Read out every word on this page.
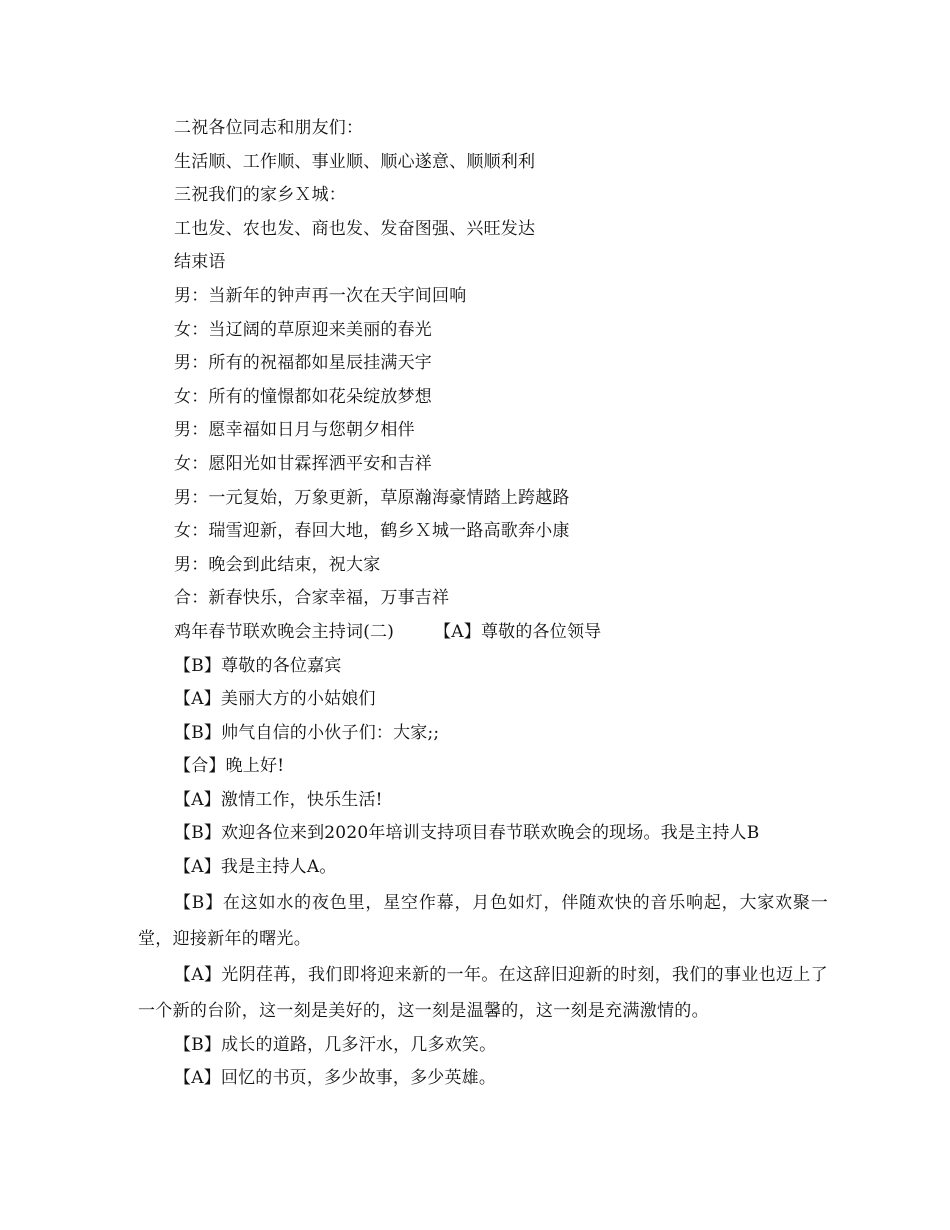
二祝各位同志和朋友们：
生活顺、工作顺、事业顺、顺心遂意、顺顺利利
三祝我们的家乡Ｘ城：
工也发、农也发、商也发、发奋图强、兴旺发达
结束语
男：当新年的钟声再一次在天宇间回响
女：当辽阔的草原迎来美丽的春光
男：所有的祝福都如星辰挂满天宇
女：所有的憧憬都如花朵绽放梦想
男：愿幸福如日月与您朝夕相伴
女：愿阳光如甘霖挥洒平安和吉祥
男：一元复始，万象更新，草原瀚海豪情踏上跨越路
女：瑞雪迎新，春回大地，鹤乡Ｘ城一路高歌奔小康
男：晚会到此结束，祝大家
合：新春快乐，合家幸福，万事吉祥
鸡年春节联欢晚会主持词(二) 【A】尊敬的各位领导
【B】尊敬的各位嘉宾
【A】美丽大方的小姑娘们
【B】帅气自信的小伙子们：大家;;
【合】晚上好!
【A】激情工作，快乐生活!
【B】欢迎各位来到2020年培训支持项目春节联欢晚会的现场。我是主持人B
【A】我是主持人A。

【B】在这如水的夜色里，星空作幕，月色如灯，伴随欢快的音乐响起，大家欢聚一堂，迎接新年的曙光。

【A】光阴荏苒，我们即将迎来新的一年。在这辞旧迎新的时刻，我们的事业也迈上了一个新的台阶，这一刻是美好的，这一刻是温馨的，这一刻是充满激情的。

【B】成长的道路，几多汗水，几多欢笑。
【A】回忆的书页，多少故事，多少英雄。
